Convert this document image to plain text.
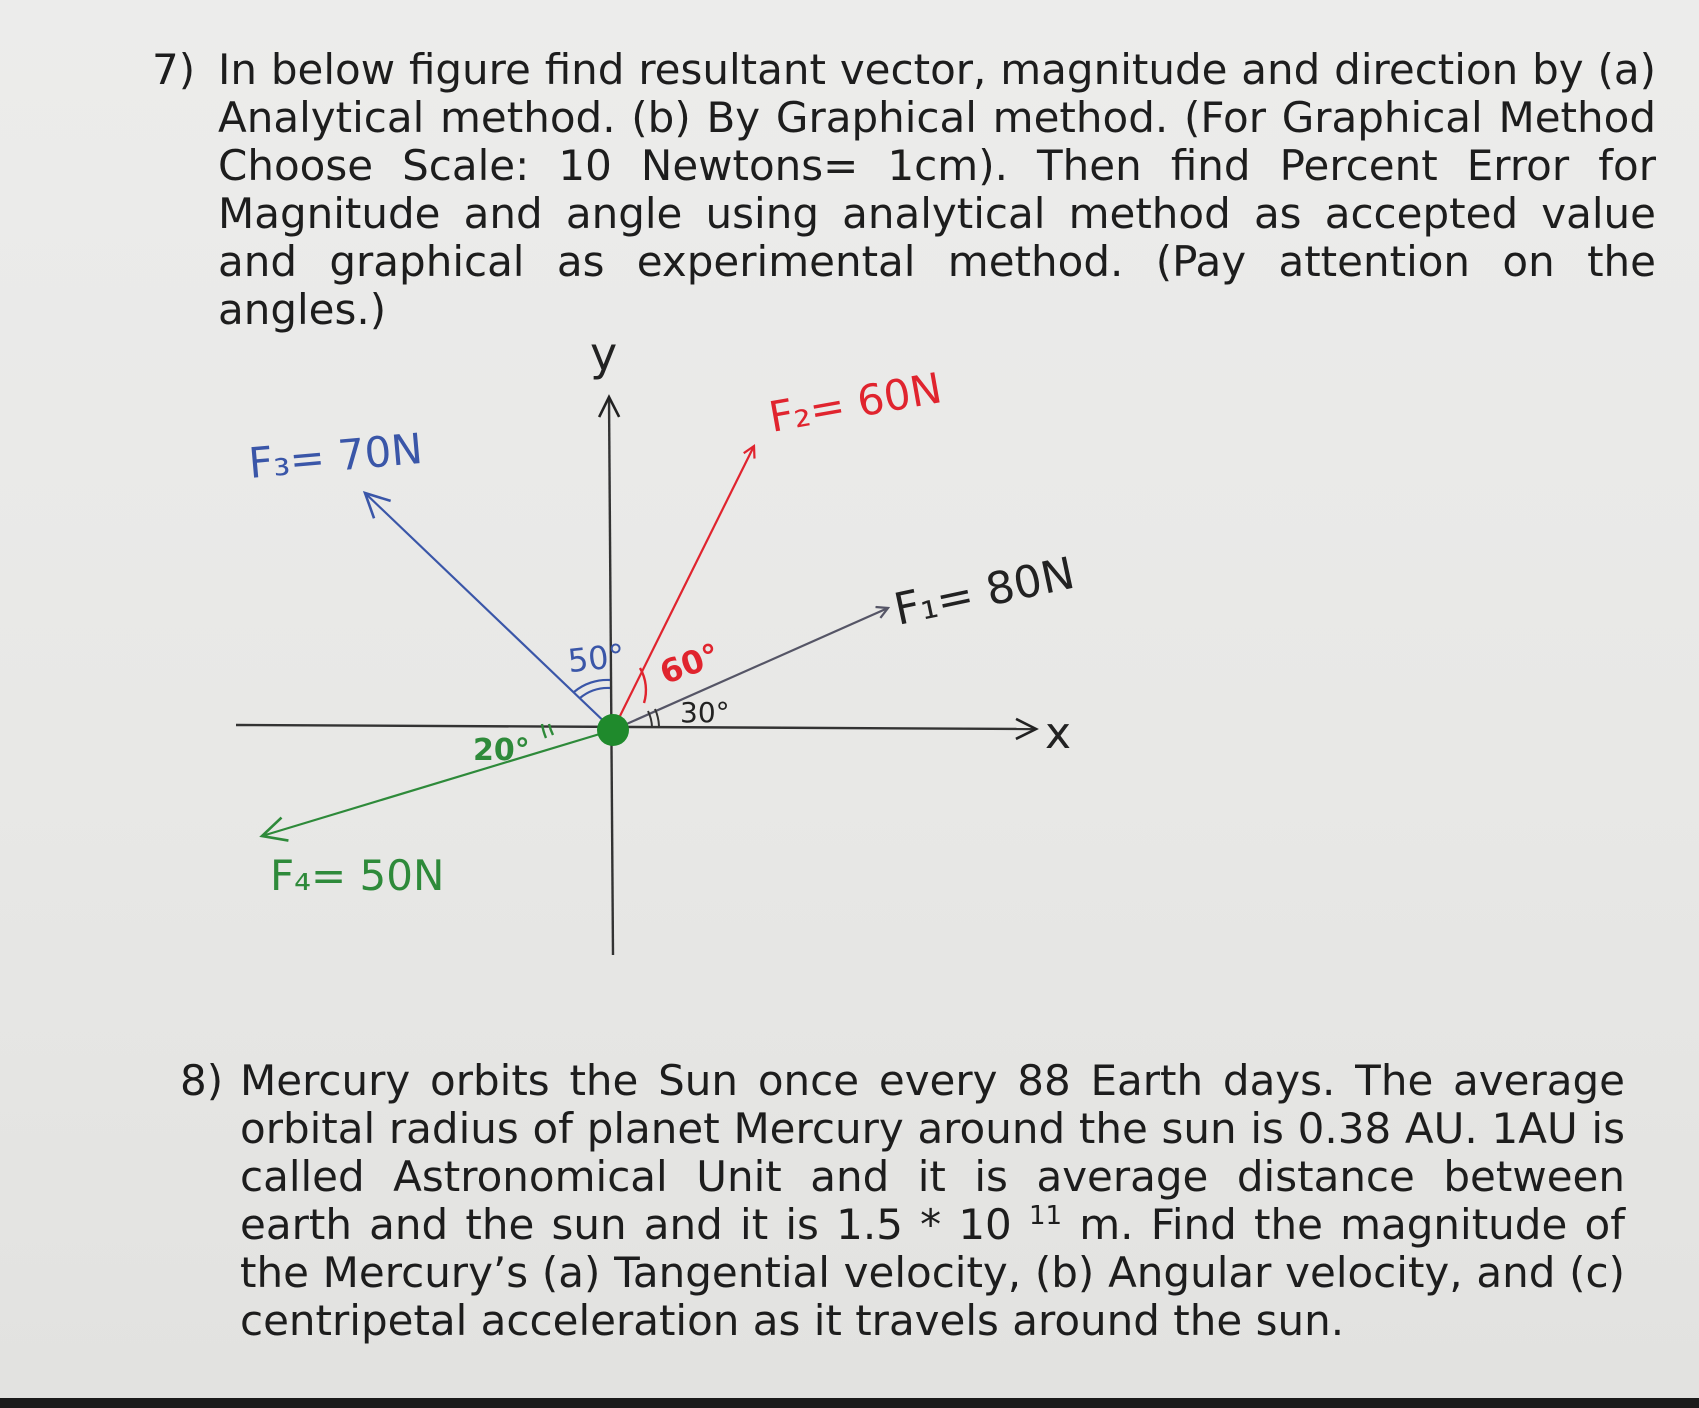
7) In below figure find resultant vector, magnitude and direction by (a) Analytical method. (b) By Graphical method. (For Graphical Method Choose Scale: 10 Newtons= 1cm). Then find Percent Error for Magnitude and angle using analytical method as accepted value and graphical as experimental method. (Pay attention on the angles.)
x
y
30°
60°
50°
20°
F₁= 80N
F₂= 60N
F₃= 70N
F₄= 50N
8) Mercury orbits the Sun once every 88 Earth days. The average orbital radius of planet Mercury around the sun is 0.38 AU. 1AU is called Astronomical Unit and it is average distance between earth and the sun and it is 1.5 * 10 $^{11}$ m. Find the magnitude of the Mercury’s (a) Tangential velocity, (b) Angular velocity, and (c) centripetal acceleration as it travels around the sun.
